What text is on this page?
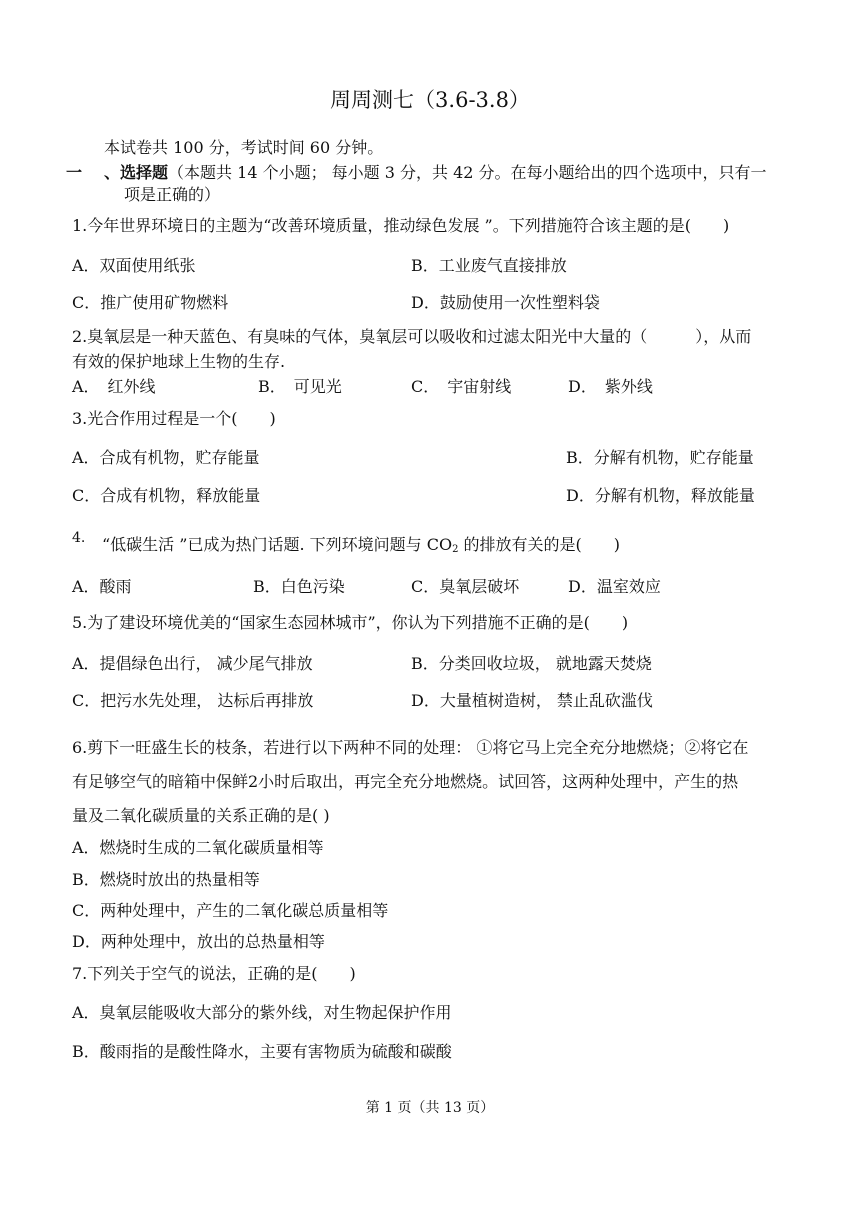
周周测七（3.6-3.8）
本试卷共 100 分，考试时间 60 分钟。
一 、选择题（本题共 14 个小题； 每小题 3 分，共 42 分。在每小题给出的四个选项中，只有一
项是正确的）
1.今年世界环境日的主题为“改善环境质量，推动绿色发展 ”。下列措施符合该主题的是(　　)
A．双面使用纸张	B．工业废气直接排放
C．推广使用矿物燃料	D．鼓励使用一次性塑料袋
2.臭氧层是一种天蓝色、有臭味的气体，臭氧层可以吸收和过滤太阳光中大量的（　　　），从而
有效的保护地球上生物的生存.
A．　红外线	B．　可见光	C．　宇宙射线	D．　紫外线
3.光合作用过程是一个(　　)
A．合成有机物，贮存能量	B．分解有机物，贮存能量
C．合成有机物，释放能量	D．分解有机物，释放能量
4. “低碳生活 ”已成为热门话题. 下列环境问题与 $CO_2$ 的排放有关的是(　　)
A．酸雨	B．白色污染	C．臭氧层破坏	D．温室效应
5.为了建设环境优美的“国家生态园林城市”，你认为下列措施不正确的是(　　)
A．提倡绿色出行， 减少尾气排放	B．分类回收垃圾， 就地露天焚烧
C．把污水先处理， 达标后再排放	D．大量植树造树， 禁止乱砍滥伐
6.剪下一旺盛生长的枝条，若进行以下两种不同的处理： ①将它马上完全充分地燃烧；②将它在
有足够空气的暗箱中保鲜2小时后取出，再完全充分地燃烧。试回答，这两种处理中，产生的热
量及二氧化碳质量的关系正确的是( )
A．燃烧时生成的二氧化碳质量相等
B．燃烧时放出的热量相等
C．两种处理中，产生的二氧化碳总质量相等
D．两种处理中，放出的总热量相等
7.下列关于空气的说法，正确的是(　　)
A．臭氧层能吸收大部分的紫外线，对生物起保护作用
B．酸雨指的是酸性降水，主要有害物质为硫酸和碳酸
第 1 页（共 13 页）
